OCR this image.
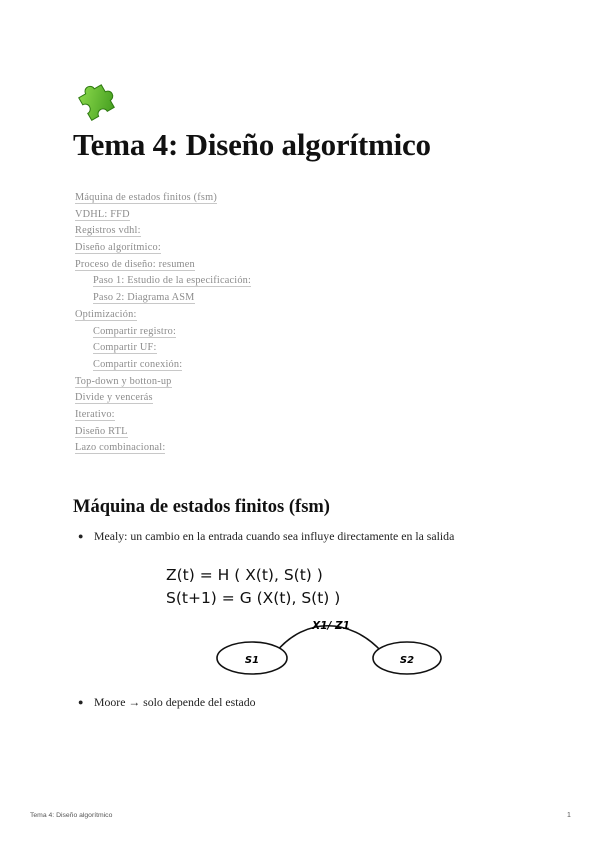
Tema 4: Diseño algorítmico
Máquina de estados finitos (fsm)
VDHL: FFD
Registros vdhl:
Diseño algorítmico:
Proceso de diseño: resumen
Paso 1: Estudio de la especificación:
Paso 2: Diagrama ASM
Optimización:
Compartir registro:
Compartir UF:
Compartir conexión:
Top-down y botton-up
Divide y vencerás
Iterativo:
Diseño RTL
Lazo combinacional:
Máquina de estados finitos (fsm)
● Mealy: un cambio en la entrada cuando sea influye directamente en la salida
Z(t) = H ( X(t), S(t) )
S(t+1) = G (X(t), S(t) )
S1	S2
X1/ Z1
● Moore → solo depende del estado
Tema 4: Diseño algorítmico	1
